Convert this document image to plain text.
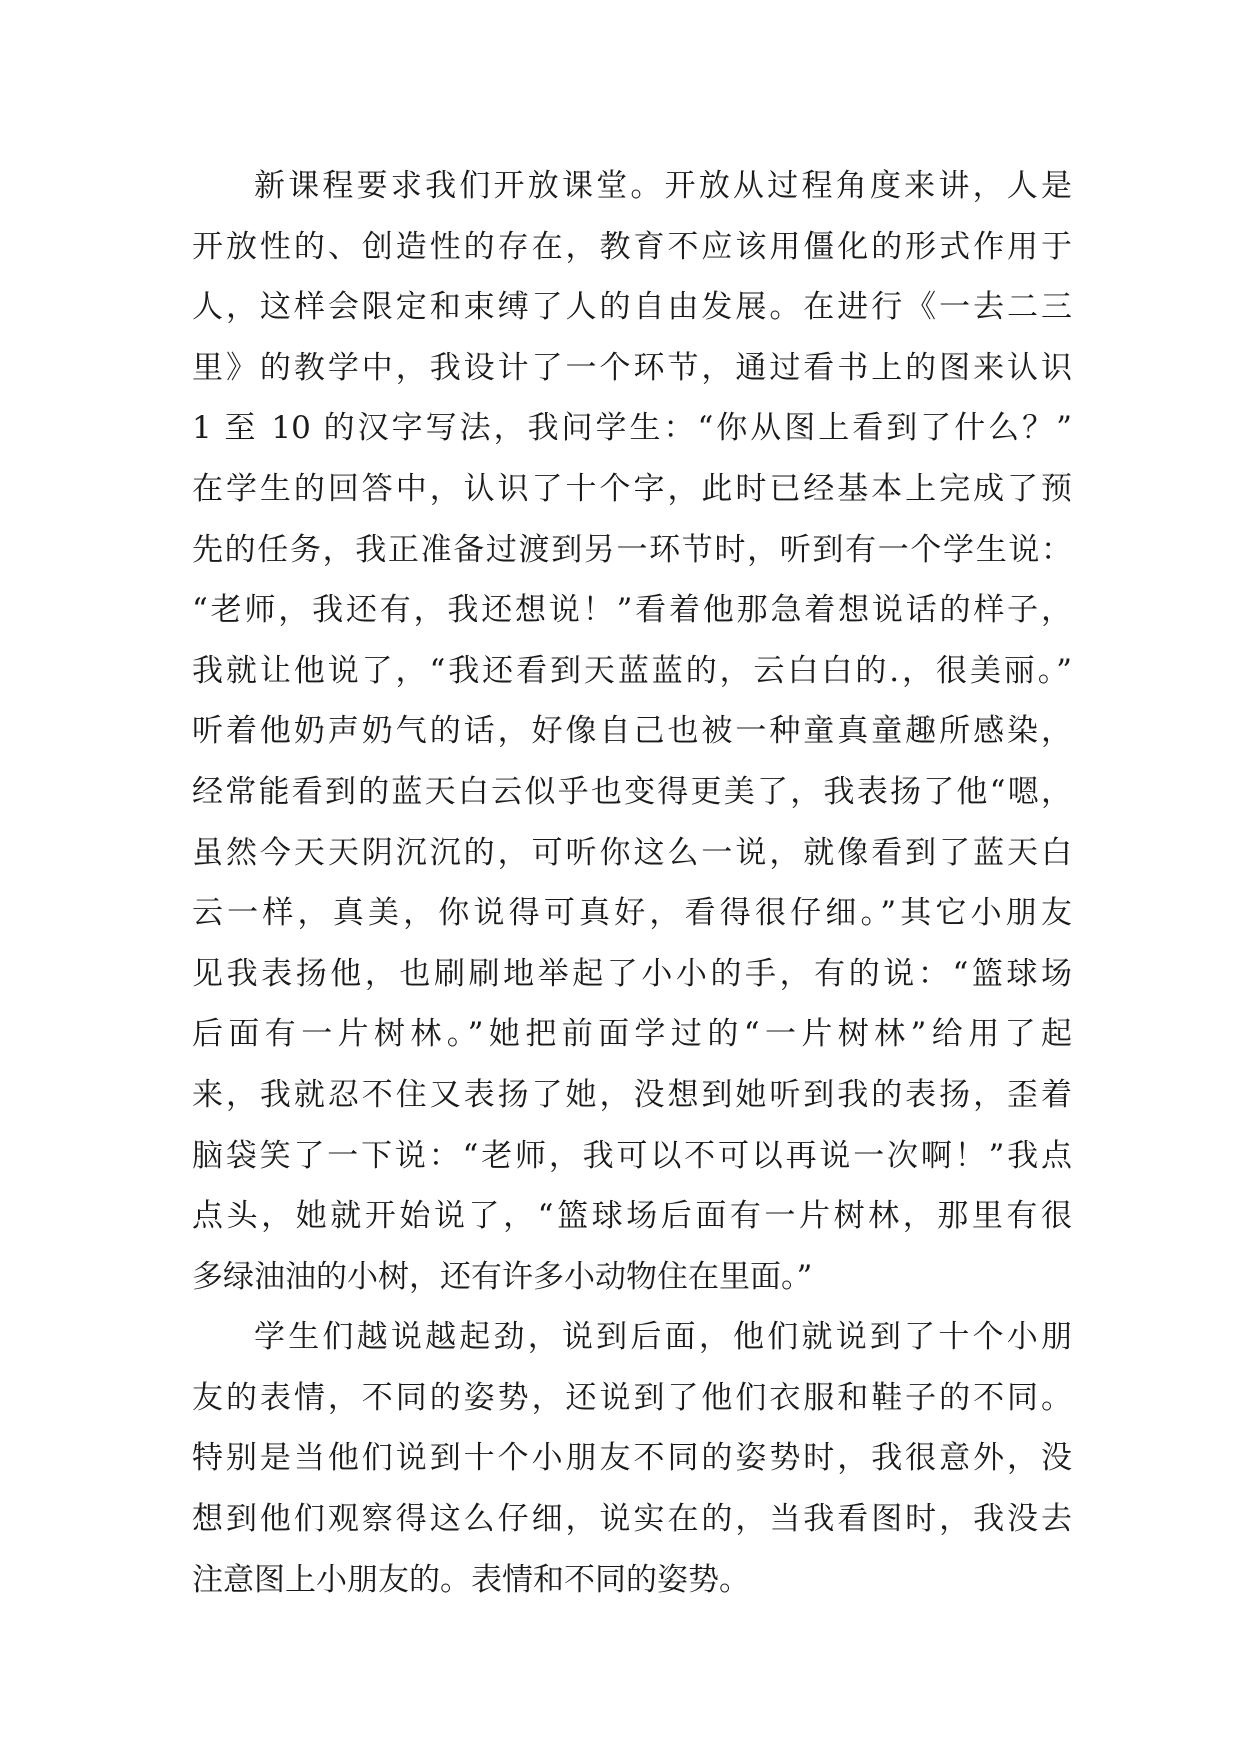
新课程要求我们开放课堂。开放从过程角度来讲，人是
开放性的、创造性的存在，教育不应该用僵化的形式作用于
人，这样会限定和束缚了人的自由发展。在进行《一去二三
里》的教学中，我设计了一个环节，通过看书上的图来认识
1 至 10 的汉字写法，我问学生：“你从图上看到了什么？”
在学生的回答中，认识了十个字，此时已经基本上完成了预
先的任务，我正准备过渡到另一环节时，听到有一个学生说：
“老师，我还有，我还想说！”看着他那急着想说话的样子，
我就让他说了，“我还看到天蓝蓝的，云白白的.，很美丽。”
听着他奶声奶气的话，好像自己也被一种童真童趣所感染，
经常能看到的蓝天白云似乎也变得更美了，我表扬了他“嗯，
虽然今天天阴沉沉的，可听你这么一说，就像看到了蓝天白
云一样，真美，你说得可真好，看得很仔细。”其它小朋友
见我表扬他，也刷刷地举起了小小的手，有的说：“篮球场
后面有一片树林。”她把前面学过的“一片树林”给用了起
来，我就忍不住又表扬了她，没想到她听到我的表扬，歪着
脑袋笑了一下说：“老师，我可以不可以再说一次啊！”我点
点头，她就开始说了，“篮球场后面有一片树林，那里有很
多绿油油的小树，还有许多小动物住在里面。”
学生们越说越起劲，说到后面，他们就说到了十个小朋
友的表情，不同的姿势，还说到了他们衣服和鞋子的不同。
特别是当他们说到十个小朋友不同的姿势时，我很意外，没
想到他们观察得这么仔细，说实在的，当我看图时，我没去
注意图上小朋友的。表情和不同的姿势。
